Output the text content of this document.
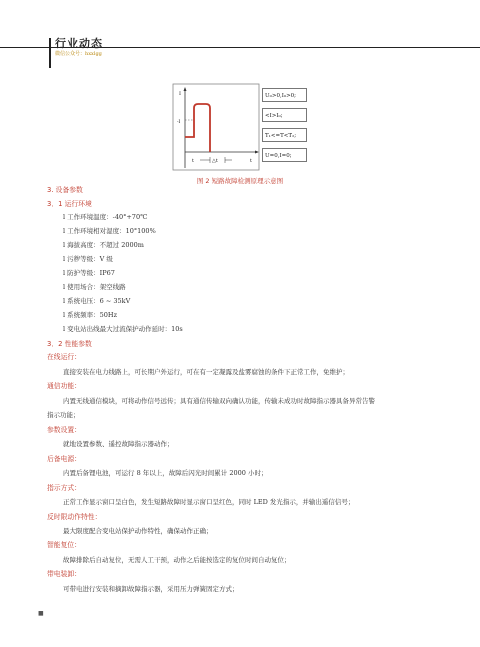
行业动态
微信公众号：hxxlgg
△t
I
-I
t	t
U₀>0,I₀>0;
<I>I₀;
T₁<=T<T₂;
U=0,I=0;
图 2 短路故障检测原理示意图
3. 设备参数
3．1 运行环境
l 工作环境温度：-40°+70℃
l 工作环境相对湿度：10°100%
l 海拔高度：不超过 2000m
l 污秽等级：V 级
l 防护等级：IP67
l 使用场合：架空线路
l 系统电压：6 ~ 35kV
l 系统频率：50Hz
l 变电站出线最大过流保护动作延时：10s
3．2 性能参数
在线运行：
直接安装在电力线路上，可长期户外运行，可在有一定凝露及盐雾腐蚀的条件下正常工作，免维护；
通信功能：
内置无线通信模块，可将动作信号远传；具有通信传输双向确认功能，传输未成功时故障指示器具备异常告警
指示功能；
参数设置：
就地设置参数、遥控故障指示器动作；
后备电源：
内置后备锂电池，可运行 8 年以上，故障后闪光时间累计 2000 小时；
指示方式：
正常工作显示窗口呈白色，发生短路故障时显示窗口呈红色，同时 LED 发光指示，并输出遥信信号；
反时限动作特性：
最大限度配合变电站保护动作特性，确保动作正确；
智能复位：
故障排除后自动复位，无需人工干预，动作之后能按选定的复位时间自动复位；
带电装卸：
可带电进行安装和摘卸故障指示器，采用压力弹簧固定方式；
■
